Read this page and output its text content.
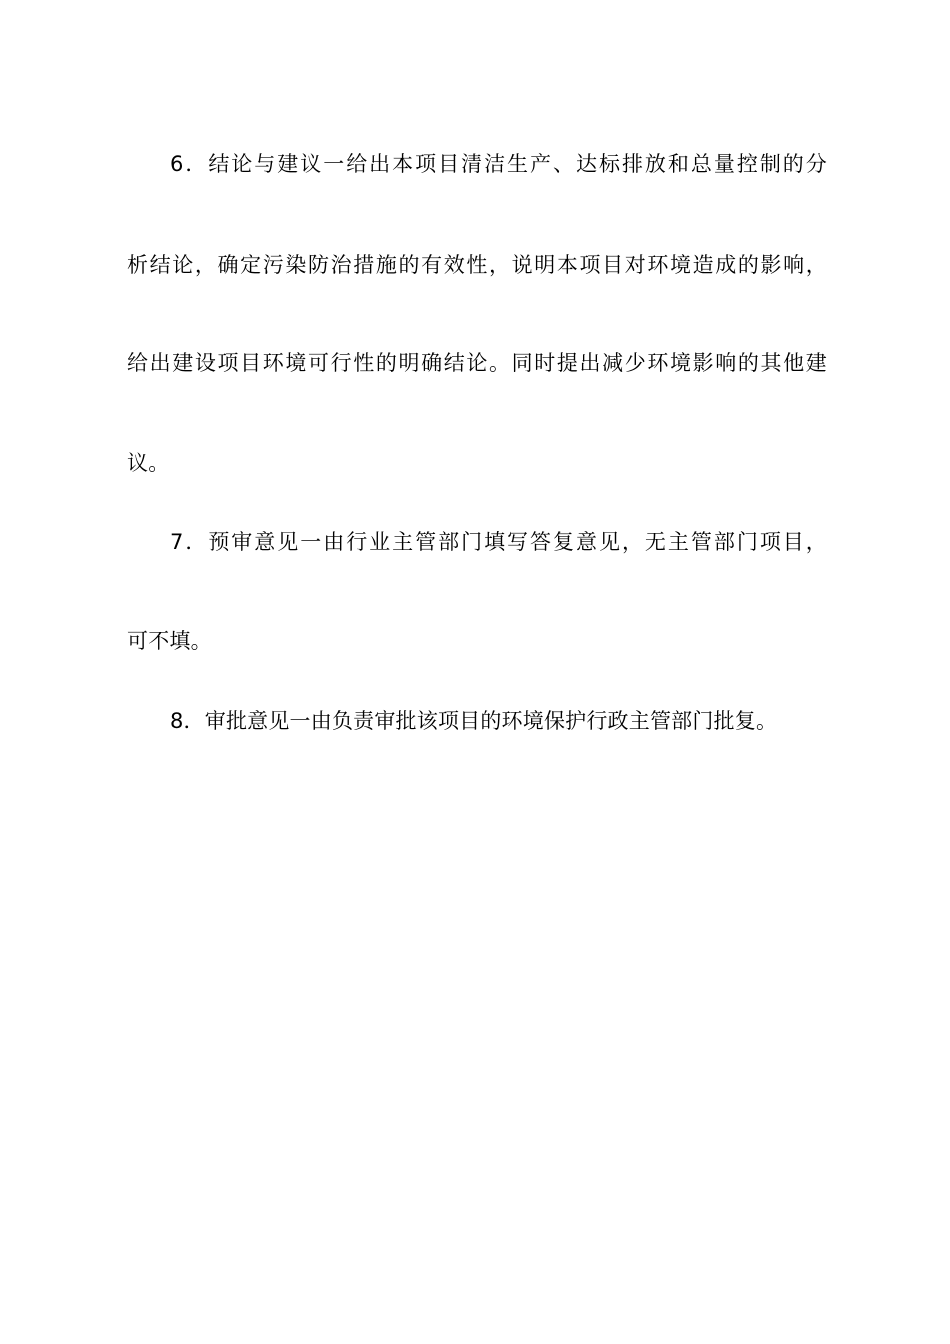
6．结论与建议一给出本项目清洁生产、达标排放和总量控制的分
析结论，确定污染防治措施的有效性，说明本项目对环境造成的影响，
给出建设项目环境可行性的明确结论。同时提出减少环境影响的其他建
议。
7．预审意见一由行业主管部门填写答复意见，无主管部门项目，
可不填。
8．审批意见一由负责审批该项目的环境保护行政主管部门批复。
